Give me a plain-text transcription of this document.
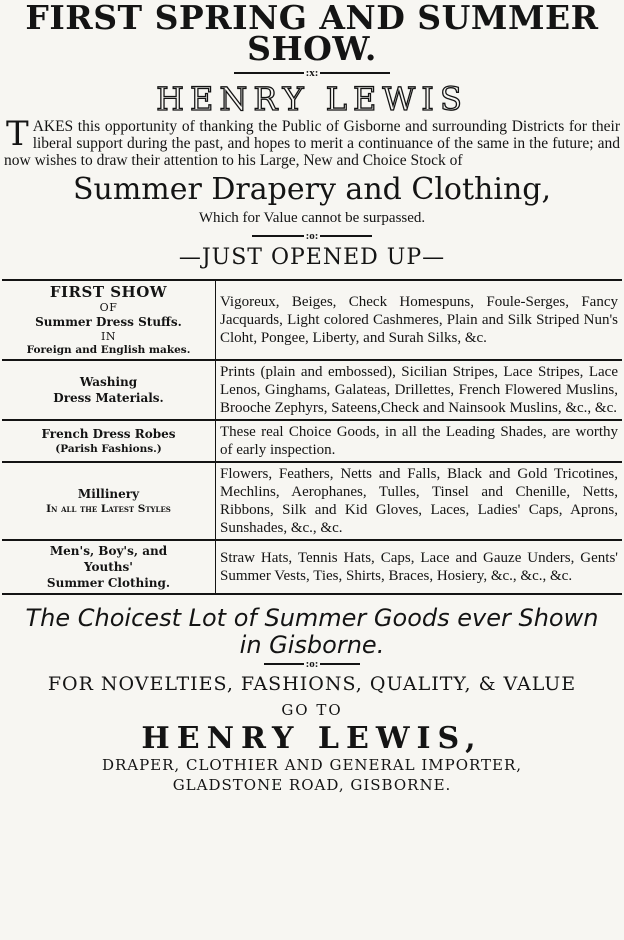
FIRST SPRING AND SUMMER
SHOW.
:x:

HENRY LEWIS

TAKES this opportunity of thanking the Public of Gisborne and surrounding Districts for their liberal support during the past, and hopes to merit a continuance of the same in the future; and now wishes to draw their attention to his Large, New and Choice Stock of

Summer Drapery and Clothing,

Which for Value cannot be surpassed.
:o:

—JUST OPENED UP—

FIRST SHOW
OF
Summer Dress Stuffs.
IN
Foreign and English makes.	Vigoreux, Beiges, Check Homespuns, Foule-Serges, Fancy Jacquards, Light colored Cashmeres, Plain and Silk Striped Nun's Cloht, Pongee, Liberty, and Surah Silks, &c.

Washing
Dress Materials.	Prints (plain and embossed), Sicilian Stripes, Lace Stripes, Lace Lenos, Ginghams, Galateas, Drillettes, French Flowered Muslins, Brooche Zephyrs, Sateens,Check and Nainsook Muslins, &c., &c.

French Dress Robes
(Parish Fashions.)	These real Choice Goods, in all the Leading Shades, are worthy of early inspection.

Millinery
In all the Latest Styles	Flowers, Feathers, Netts and Falls, Black and Gold Tricotines, Mechlins, Aerophanes, Tulles, Tinsel and Chenille, Netts, Ribbons, Silk and Kid Gloves, Laces, Ladies' Caps, Aprons, Sunshades, &c., &c.

Men's, Boy's, and
Youths'
Summer Clothing.	Straw Hats, Tennis Hats, Caps, Lace and Gauze Unders, Gents' Summer Vests, Ties, Shirts, Braces, Hosiery, &c., &c., &c.

The Choicest Lot of Summer Goods ever Shown
in Gisborne.

:o:

FOR NOVELTIES, FASHIONS, QUALITY, & VALUE

GO TO

HENRY LEWIS,

DRAPER, CLOTHIER AND GENERAL IMPORTER,

GLADSTONE ROAD, GISBORNE.
